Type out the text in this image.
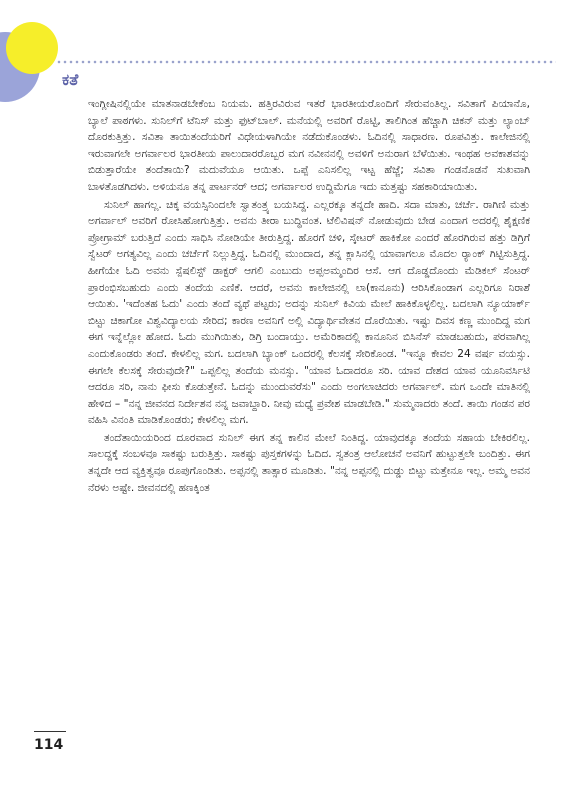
ಕತೆ

ಇಂಗ್ಲೀಷಿನಲ್ಲಿಯೇ ಮಾತನಾಡಬೇಕೆಂಬ ನಿಯಮ. ಹತ್ತಿರವಿರುವ ಇತರೆ ಭಾರತೀಯರೊಂದಿಗೆ ಸೇರುವಂತಿಲ್ಲ. ಸವಿತಾಗೆ ಪಿಯಾನೊ, ಬ್ಯಾಲೆ ಪಾಠಗಳು. ಸುನಿಲ್‌ಗೆ ಟೆನಿಸ್ ಮತ್ತು ಫುಟ್‌ಬಾಲ್. ಮನೆಯಲ್ಲಿ ಅವರಿಗೆ ರೊಟ್ಟಿ, ತಾಲಿಗಿಂತ ಹೆಚ್ಚಾಗಿ ಚಿಕನ್ ಮತ್ತು ಲ್ಯಾಂಬ್ ದೊರಕುತ್ತಿತ್ತು. ಸವಿತಾ ತಾಯಿತಂದೆಯರಿಗೆ ವಿಧೇಯಳಾಗಿಯೇ ನಡೆದುಕೊಂಡಳು. ಓದಿನಲ್ಲಿ ಸಾಧಾರಣ. ರೂಪವಿತ್ತು. ಕಾಲೇಜಿನಲ್ಲಿ ಇರುವಾಗಲೇ ಅಗರ್ವಾಲರ ಭಾರತೀಯ ಪಾಲುದಾರರೊಬ್ಬರ ಮಗ ನವೀನನಲ್ಲಿ ಅವಳಿಗೆ ಅನುರಾಗ ಬೆಳೆಯಿತು. ಇಂಥಹ ಅವಕಾಶವನ್ನು ಬಿಡುತ್ತಾರೆಯೇ ತಂದೆತಾಯಿ? ಮದುವೆಯೂ ಆಯಿತು. ಒಪ್ಪೆ ಎನಿಸಲಿಲ್ಲ ಇಟ್ಟ ಹೆಜ್ಜೆ; ಸವಿತಾ ಗಂಡನೊಡನೆ ಸುಖವಾಗಿ ಬಾಳತೊಡಗಿದಳು. ಅಳಿಯನೂ ತನ್ನ ಪಾರ್ಟನರ್ ಆದ; ಅಗರ್ವಾಲರ ಉದ್ದಿಮೆಗೂ ಇದು ಮತ್ತಷ್ಟು ಸಹಕಾರಿಯಾಯಿತು.

ಸುನಿಲ್ ಹಾಗಲ್ಲ. ಚಿಕ್ಕ ವಯಸ್ಸಿನಿಂದಲೇ ಸ್ವಾತಂತ್ರ್ಯ ಬಯಸಿದ್ದ. ಎಲ್ಲರಕ್ಕೂ ತನ್ನದೇ ಹಾದಿ. ಸದಾ ಮಾತು, ಚರ್ಚೆ. ರಾಗಿಣಿ ಮತ್ತು ಅಗರ್ವಾಲ್ ಅವರಿಗೆ ರೋಸಿಹೋಗುತ್ತಿತ್ತು. ಅವನು ತೀರಾ ಬುದ್ಧಿವಂತ. ಟೆಲಿವಿಷನ್ ನೋಡುವುದು ಬೇಡ ಎಂದಾಗ ಅದರಲ್ಲಿ ಶೈಕ್ಷಣಿಕ ಪ್ರೋಗ್ರಾಮ್ ಬರುತ್ತಿದೆ ಎಂದು ಸಾಧಿಸಿ ನೋಡಿಯೇ ತೀರುತ್ತಿದ್ದ. ಹೊರಗೆ ಚಳಿ, ಸ್ಕೇಟರ್ ಹಾಕಿಕೋ ಎಂದರೆ ಹೊರಗಿರುವ ಹತ್ತು ಡಿಗ್ರಿಗೆ ಸ್ವೆಟರ್ ಅಗತ್ಯವಿಲ್ಲ ಎಂದು ಚರ್ಚೆಗೆ ನಿಲ್ಲುತ್ತಿದ್ದ. ಓದಿನಲ್ಲಿ ಮುಂದಾದ, ತನ್ನ ಕ್ಲಾಸಿನಲ್ಲಿ ಯಾವಾಗಲೂ ಮೊದಲ ರ್‍ಯಾಂಕ್ ಗಿಟ್ಟಿಸುತ್ತಿದ್ದ. ಹೀಗೆಯೇ ಓದಿ ಅವನು ಸ್ಪೆಷಲಿಸ್ಟ್ ಡಾಕ್ಟರ್ ಆಗಲಿ ಎಂಬುದು ಅಪ್ಪಅಮ್ಮಂದಿರ ಆಸೆ. ಆಗ ದೊಡ್ಡದೊಂದು ಮೆಡಿಕಲ್ ಸೆಂಟರ್ ಪ್ರಾರಂಭಿಸಬಹುದು ಎಂದು ತಂದೆಯ ಎಣಿಕೆ. ಆದರೆ, ಅವನು ಕಾಲೇಜಿನಲ್ಲಿ ಲಾ(ಕಾನೂನು) ಆರಿಸಿಕೊಂಡಾಗ ಎಲ್ಲರಿಗೂ ನಿರಾಶೆ ಆಯಿತು. 'ಇದೆಂತಹ ಓದು' ಎಂದು ತಂದೆ ವ್ಯಥೆ ಪಟ್ಟರು; ಅದನ್ನು ಸುನಿಲ್ ಕಿವಿಯ ಮೇಲೆ ಹಾಕಿಕೊಳ್ಳಲಿಲ್ಲ. ಬದಲಾಗಿ ನ್ಯೂಯಾರ್ಕ್ ಬಿಟ್ಟು ಚಿಕಾಗೋ ವಿಶ್ವವಿದ್ಯಾಲಯ ಸೇರಿದ; ಕಾರಣ ಅವನಿಗೆ ಅಲ್ಲಿ ವಿದ್ಯಾರ್ಥಿವೇತನ ದೊರೆಯಿತು. ಇಷ್ಟು ದಿವಸ ಕಣ್ಣ ಮುಂದಿದ್ದ ಮಗ ಈಗ ಇನ್ನೆಲ್ಲೋ ಹೋದ. ಓದು ಮುಗಿಯಿತು, ಡಿಗ್ರಿ ಬಂದಾಯ್ತು. ಅಮೆರಿಕಾದಲ್ಲಿ ಕಾನೂನಿನ ಬಿಸಿನೆಸ್ ಮಾಡಬಹುದು, ಪರವಾಗಿಲ್ಲ ಎಂದುಕೊಂಡರು ತಂದೆ. ಕೇಳಲಿಲ್ಲ ಮಗ. ಬದಲಾಗಿ ಬ್ಯಾಂಕ್ ಒಂದರಲ್ಲಿ ಕೆಲಸಕ್ಕೆ ಸೇರಿಕೊಂಡ. "ಇನ್ನೂ ಕೇವಲ 24 ವರ್ಷ ವಯಸ್ಸು. ಈಗಲೇ ಕೆಲಸಕ್ಕೆ ಸೇರುವುದೇ?" ಒಪ್ಪಲಿಲ್ಲ ತಂದೆಯ ಮನಸ್ಸು. "ಯಾವ ಓದಾದರೂ ಸರಿ. ಯಾವ ದೇಶದ ಯಾವ ಯೂನಿವರ್ಸಿಟಿ ಆದರೂ ಸರಿ, ನಾನು ಫೀಸು ಕೊಡುತ್ತೇನೆ. ಓದನ್ನು ಮುಂದುವರೆಸು" ಎಂದು ಅಂಗಲಾಚಿದರು ಅಗರ್ವಾಲ್. ಮಗ ಒಂದೇ ಮಾತಿನಲ್ಲಿ ಹೇಳಿದ – "ನನ್ನ ಜೀವನದ ನಿರ್ದೇಶನ ನನ್ನ ಜವಾಬ್ದಾರಿ. ನೀವು ಮಧ್ಯೆ ಪ್ರವೇಶ ಮಾಡಬೇಡಿ." ಸುಮ್ಮನಾದರು ತಂದೆ. ತಾಯಿ ಗಂಡನ ಪರ ವಹಿಸಿ ವಿನಂತಿ ಮಾಡಿಕೊಂಡರು; ಕೇಳಲಿಲ್ಲ ಮಗ.

ತಂದೆತಾಯಿಯರಿಂದ ದೂರವಾದ ಸುನಿಲ್ ಈಗ ತನ್ನ ಕಾಲಿನ ಮೇಲೆ ನಿಂತಿದ್ದ. ಯಾವುದಕ್ಕೂ ತಂದೆಯ ಸಹಾಯ ಬೇಕಿರಲಿಲ್ಲ. ಸಾಲದ್ದಕ್ಕೆ ಸಂಬಳವೂ ಸಾಕಷ್ಟು ಬರುತ್ತಿತ್ತು. ಸಾಕಷ್ಟು ಪುಸ್ತಕಗಳನ್ನು ಓದಿದ. ಸ್ವತಂತ್ರ ಆಲೋಚನೆ ಅವನಿಗೆ ಹುಟ್ಟುತ್ತಲೇ ಬಂದಿತ್ತು. ಈಗ ತನ್ನದೇ ಆದ ವ್ಯಕ್ತಿತ್ವವೂ ರೂಪುಗೊಂಡಿತು. ಅಪ್ಪನಲ್ಲಿ ತಾತ್ಸಾರ ಮೂಡಿತು. "ನನ್ನ ಅಪ್ಪನಲ್ಲಿ ದುಡ್ಡು ಬಿಟ್ಟು ಮತ್ತೇನೂ ಇಲ್ಲ. ಅಮ್ಮ ಅವನ ನೆರಳು ಅಷ್ಟೇ. ಜೀವನದಲ್ಲಿ ಹಣಕ್ಕಿಂತ

114
